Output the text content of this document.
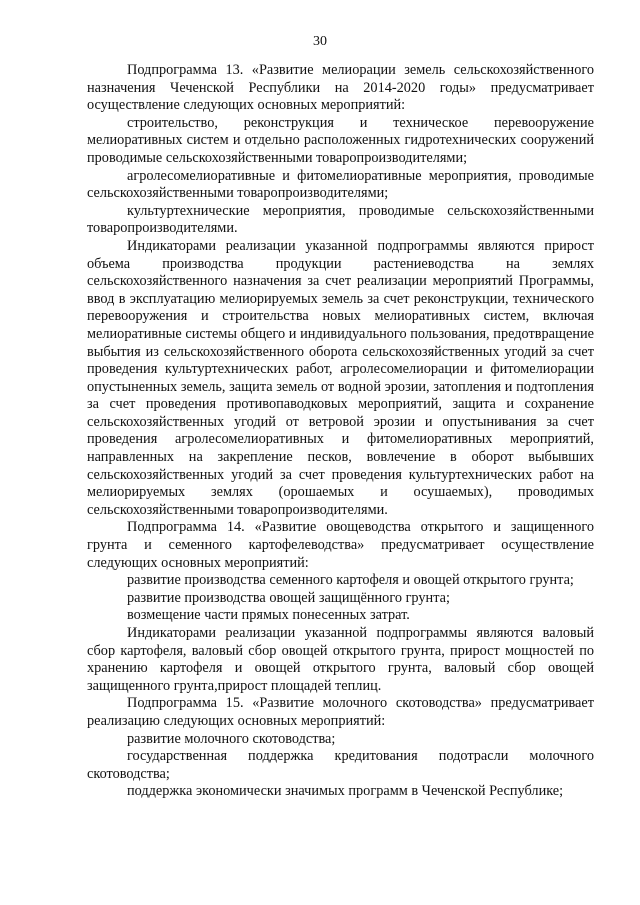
30

Подпрограмма 13. «Развитие мелиорации земель сельскохозяйственного назначения Чеченской Республики на 2014-2020 годы» предусматривает осуществление следующих основных мероприятий:

строительство, реконструкция и техническое перевооружение мелиоративных систем и отдельно расположенных гидротехнических сооружений проводимые сельскохозяйственными товаропроизводителями;

агролесомелиоративные и фитомелиоративные мероприятия, проводимые сельскохозяйственными товаропроизводителями;

культуртехнические мероприятия, проводимые сельскохозяйственными товаропроизводителями.

Индикаторами реализации указанной подпрограммы являются прирост объема производства продукции растениеводства на землях сельскохозяйственного назначения за счет реализации мероприятий Программы, ввод в эксплуатацию мелиорируемых земель за счет реконструкции, технического перевооружения и строительства новых мелиоративных систем, включая мелиоративные системы общего и индивидуального пользования, предотвращение выбытия из сельскохозяйственного оборота сельскохозяйственных угодий за счет проведения культуртехнических работ, агролесомелиорации и фитомелиорации опустыненных земель, защита земель от водной эрозии, затопления и подтопления за счет проведения противопаводковых мероприятий, защита и сохранение сельскохозяйственных угодий от ветровой эрозии и опустынивания за счет проведения агролесомелиоративных и фитомелиоративных мероприятий, направленных на закрепление песков, вовлечение в оборот выбывших сельскохозяйственных угодий за счет проведения культуртехнических работ на мелиорируемых землях (орошаемых и осушаемых), проводимых сельскохозяйственными товаропроизводителями.

Подпрограмма 14. «Развитие овощеводства открытого и защищенного грунта и семенного картофелеводства» предусматривает осуществление следующих основных мероприятий:

развитие производства семенного картофеля и овощей открытого грунта;

развитие производства овощей защищённого грунта;

возмещение части прямых понесенных затрат.

Индикаторами реализации указанной подпрограммы являются валовый сбор картофеля, валовый сбор овощей открытого грунта, прирост мощностей по хранению картофеля и овощей открытого грунта, валовый сбор овощей защищенного грунта,прирост площадей теплиц.

Подпрограмма 15. «Развитие молочного скотоводства» предусматривает реализацию следующих основных мероприятий:

развитие молочного скотоводства;

государственная поддержка кредитования подотрасли молочного скотоводства;

поддержка экономически значимых программ в Чеченской Республике;
